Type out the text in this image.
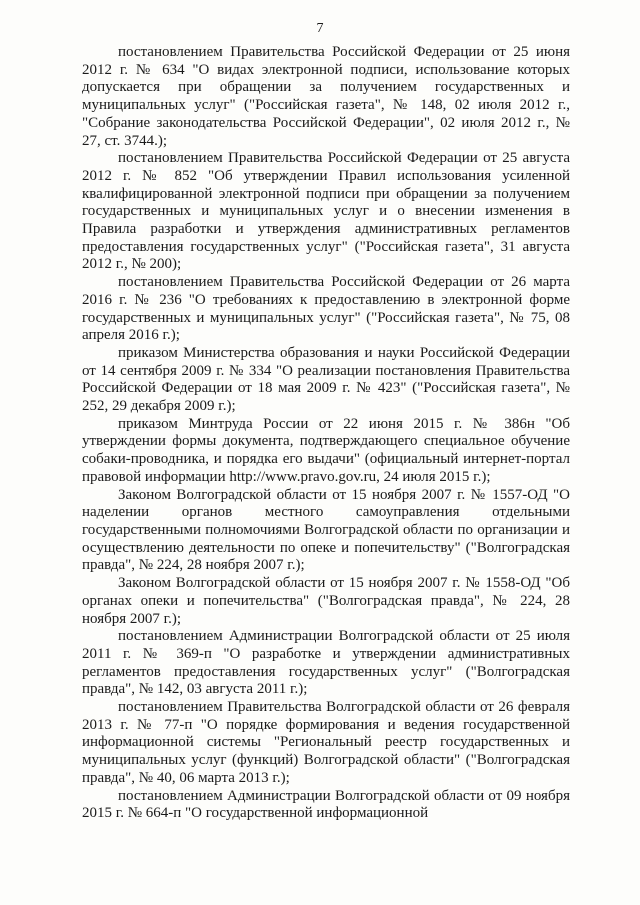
7

постановлением Правительства Российской Федерации от 25 июня 2012 г. № 634 "О видах электронной подписи, использование которых допускается при обращении за получением государственных и муниципальных услуг" ("Российская газета", № 148, 02 июля 2012 г., "Собрание законодательства Российской Федерации", 02 июля 2012 г., № 27, ст. 3744.);

постановлением Правительства Российской Федерации от 25 августа 2012 г. № 852 "Об утверждении Правил использования усиленной квалифицированной электронной подписи при обращении за получением государственных и муниципальных услуг и о внесении изменения в Правила разработки и утверждения административных регламентов предоставления государственных услуг" ("Российская газета", 31 августа 2012 г., № 200);

постановлением Правительства Российской Федерации от 26 марта 2016 г. № 236 "О требованиях к предоставлению в электронной форме государственных и муниципальных услуг" ("Российская газета", № 75, 08 апреля 2016 г.);

приказом Министерства образования и науки Российской Федерации от 14 сентября 2009 г. № 334 "О реализации постановления Правительства Российской Федерации от 18 мая 2009 г. № 423" ("Российская газета", № 252, 29 декабря 2009 г.);

приказом Минтруда России от 22 июня 2015 г. № 386н "Об утверждении формы документа, подтверждающего специальное обучение собаки-проводника, и порядка его выдачи" (официальный интернет-портал правовой информации http://www.pravo.gov.ru, 24 июля 2015 г.);

Законом Волгоградской области от 15 ноября 2007 г. № 1557-ОД "О наделении органов местного самоуправления отдельными государственными полномочиями Волгоградской области по организации и осуществлению деятельности по опеке и попечительству" ("Волгоградская правда", № 224, 28 ноября 2007 г.);

Законом Волгоградской области от 15 ноября 2007 г. № 1558-ОД "Об органах опеки и попечительства" ("Волгоградская правда", № 224, 28 ноября 2007 г.);

постановлением Администрации Волгоградской области от 25 июля 2011 г. № 369-п "О разработке и утверждении административных регламентов предоставления государственных услуг" ("Волгоградская правда", № 142, 03 августа 2011 г.);

постановлением Правительства Волгоградской области от 26 февраля 2013 г. № 77-п "О порядке формирования и ведения государственной информационной системы "Региональный реестр государственных и муниципальных услуг (функций) Волгоградской области" ("Волгоградская правда", № 40, 06 марта 2013 г.);

постановлением Администрации Волгоградской области от 09 ноября 2015 г. № 664-п "О государственной информационной
